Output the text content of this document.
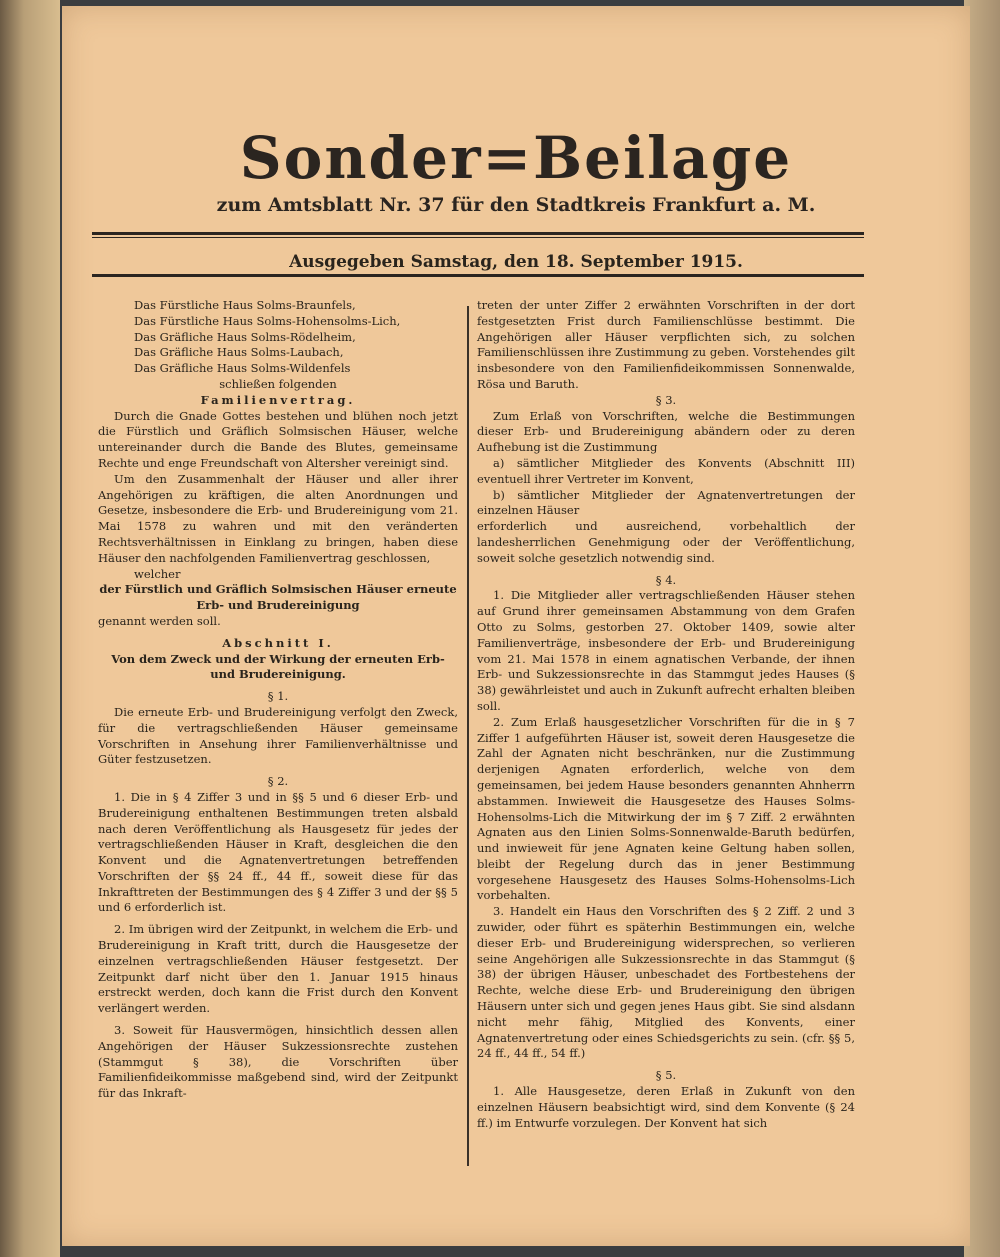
Sonder=Beilage
zum Amtsblatt Nr. 37 für den Stadtkreis Frankfurt a. M.
Ausgegeben Samstag, den 18. September 1915.

Das Fürstliche Haus Solms-Braunfels,

Das Fürstliche Haus Solms-Hohensolms-Lich,

Das Gräfliche Haus Solms-Rödelheim,

Das Gräfliche Haus Solms-Laubach,

Das Gräfliche Haus Solms-Wildenfels

schließen folgenden

Familienvertrag.

Durch die Gnade Gottes bestehen und blühen noch jetzt die Fürstlich und Gräflich Solmsischen Häuser, welche untereinander durch die Bande des Blutes, gemeinsame Rechte und enge Freundschaft von Altersher vereinigt sind.

Um den Zusammenhalt der Häuser und aller ihrer Angehörigen zu kräftigen, die alten Anordnungen und Gesetze, insbesondere die Erb- und Brudereinigung vom 21. Mai 1578 zu wahren und mit den veränderten Rechtsverhältnissen in Einklang zu bringen, haben diese Häuser den nachfolgenden Familienvertrag geschlossen,

welcher

der Fürstlich und Gräflich Solmsischen Häuser erneute Erb- und Brudereinigung

genannt werden soll.

Abschnitt I.

Von dem Zweck und der Wirkung der erneuten Erb- und Brudereinigung.

§ 1.

Die erneute Erb- und Brudereinigung verfolgt den Zweck, für die vertragschließenden Häuser gemeinsame Vorschriften in Ansehung ihrer Familienverhältnisse und Güter festzusetzen.

§ 2.

1. Die in § 4 Ziffer 3 und in §§ 5 und 6 dieser Erb- und Brudereinigung enthaltenen Bestimmungen treten alsbald nach deren Veröffentlichung als Hausgesetz für jedes der vertragschließenden Häuser in Kraft, desgleichen die den Konvent und die Agnatenvertretungen betreffenden Vorschriften der §§ 24 ff., 44 ff., soweit diese für das Inkrafttreten der Bestimmungen des § 4 Ziffer 3 und der §§ 5 und 6 erforderlich ist.

2. Im übrigen wird der Zeitpunkt, in welchem die Erb- und Brudereinigung in Kraft tritt, durch die Hausgesetze der einzelnen vertragschließenden Häuser festgesetzt. Der Zeitpunkt darf nicht über den 1. Januar 1915 hinaus erstreckt werden, doch kann die Frist durch den Konvent verlängert werden.

3. Soweit für Hausvermögen, hinsichtlich dessen allen Angehörigen der Häuser Sukzessionsrechte zustehen (Stammgut § 38), die Vorschriften über Familienfideikommisse maßgebend sind, wird der Zeitpunkt für das Inkraft-

treten der unter Ziffer 2 erwähnten Vorschriften in der dort festgesetzten Frist durch Familienschlüsse bestimmt. Die Angehörigen aller Häuser verpflichten sich, zu solchen Familienschlüssen ihre Zustimmung zu geben. Vorstehendes gilt insbesondere von den Familienfideikommissen Sonnenwalde, Rösa und Baruth.

§ 3.

Zum Erlaß von Vorschriften, welche die Bestimmungen dieser Erb- und Brudereinigung abändern oder zu deren Aufhebung ist die Zustimmung

a) sämtlicher Mitglieder des Konvents (Abschnitt III) eventuell ihrer Vertreter im Konvent,

b) sämtlicher Mitglieder der Agnatenvertretungen der einzelnen Häuser

erforderlich und ausreichend, vorbehaltlich der landesherrlichen Genehmigung oder der Veröffentlichung, soweit solche gesetzlich notwendig sind.

§ 4.

1. Die Mitglieder aller vertragschließenden Häuser stehen auf Grund ihrer gemeinsamen Abstammung von dem Grafen Otto zu Solms, gestorben 27. Oktober 1409, sowie alter Familienverträge, insbesondere der Erb- und Brudereinigung vom 21. Mai 1578 in einem agnatischen Verbande, der ihnen Erb- und Sukzessionsrechte in das Stammgut jedes Hauses (§ 38) gewährleistet und auch in Zukunft aufrecht erhalten bleiben soll.

2. Zum Erlaß hausgesetzlicher Vorschriften für die in § 7 Ziffer 1 aufgeführten Häuser ist, soweit deren Hausgesetze die Zahl der Agnaten nicht beschränken, nur die Zustimmung derjenigen Agnaten erforderlich, welche von dem gemeinsamen, bei jedem Hause besonders genannten Ahnherrn abstammen. Inwieweit die Hausgesetze des Hauses Solms-Hohensolms-Lich die Mitwirkung der im § 7 Ziff. 2 erwähnten Agnaten aus den Linien Solms-Sonnenwalde-Baruth bedürfen, und inwieweit für jene Agnaten keine Geltung haben sollen, bleibt der Regelung durch das in jener Bestimmung vorgesehene Hausgesetz des Hauses Solms-Hohensolms-Lich vorbehalten.

3. Handelt ein Haus den Vorschriften des § 2 Ziff. 2 und 3 zuwider, oder führt es späterhin Bestimmungen ein, welche dieser Erb- und Brudereinigung widersprechen, so verlieren seine Angehörigen alle Sukzessionsrechte in das Stammgut (§ 38) der übrigen Häuser, unbeschadet des Fortbestehens der Rechte, welche diese Erb- und Brudereinigung den übrigen Häusern unter sich und gegen jenes Haus gibt. Sie sind alsdann nicht mehr fähig, Mitglied des Konvents, einer Agnatenvertretung oder eines Schiedsgerichts zu sein. (cfr. §§ 5, 24 ff., 44 ff., 54 ff.)

§ 5.

1. Alle Hausgesetze, deren Erlaß in Zukunft von den einzelnen Häusern beabsichtigt wird, sind dem Konvente (§ 24 ff.) im Entwurfe vorzulegen. Der Konvent hat sich
